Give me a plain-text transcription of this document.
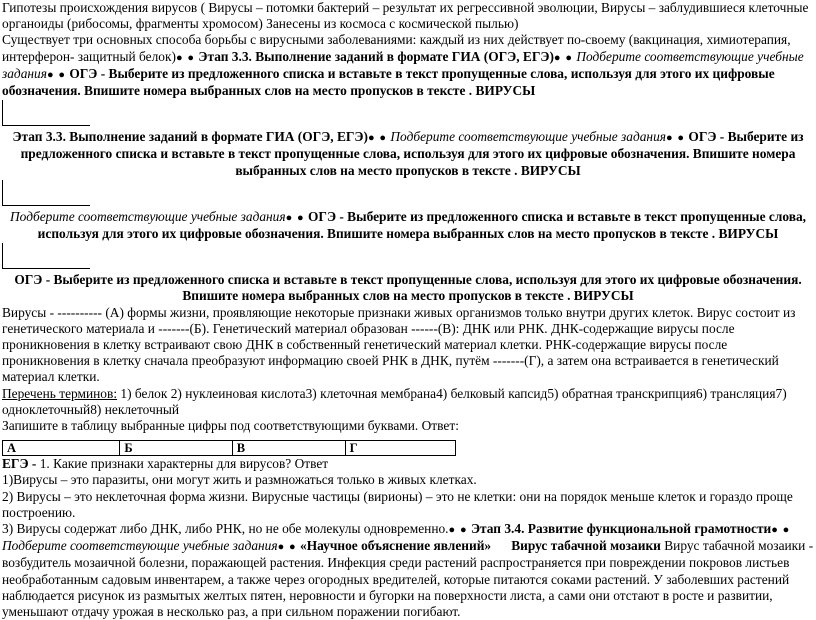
Гипотезы происхождения вирусов ( Вирусы – потомки бактерий – результат их регрессивной эволюции, Вирусы – заблудившиеся клеточные органоиды (рибосомы, фрагменты хромосом) Занесены из космоса с космической пылью)

Существует три основных способа борьбы с вирусными заболеваниями: каждый из них действует по-своему (вакцинация, химиотерапия, интерферон- защитный белок)● ● Этап 3.3. Выполнение заданий в формате ГИА (ОГЭ, ЕГЭ)● ● Подберите соответствующие учебные задания● ● ОГЭ - Выберите из предложенного списка и вставьте в текст пропущенные слова, используя для этого их цифровые обозначения. Впишите номера выбранных слов на место пропусков в тексте . ВИРУСЫ

Этап 3.3. Выполнение заданий в формате ГИА (ОГЭ, ЕГЭ)● ● Подберите соответствующие учебные задания● ● ОГЭ - Выберите из предложенного списка и вставьте в текст пропущенные слова, используя для этого их цифровые обозначения. Впишите номера выбранных слов на место пропусков в тексте . ВИРУСЫ

Подберите соответствующие учебные задания● ● ОГЭ - Выберите из предложенного списка и вставьте в текст пропущенные слова, используя для этого их цифровые обозначения. Впишите номера выбранных слов на место пропусков в тексте . ВИРУСЫ

ОГЭ - Выберите из предложенного списка и вставьте в текст пропущенные слова, используя для этого их цифровые обозначения. Впишите номера выбранных слов на место пропусков в тексте . ВИРУСЫ

Вирусы - ---------- (А) формы жизни, проявляющие некоторые признаки живых организмов только внутри других клеток. Вирус состоит из генетического материала и -------(Б). Генетический материал образован ------(В): ДНК или РНК. ДНК-содержащие вирусы после проникновения в клетку встраивают свою ДНК в собственный генетический материал клетки. РНК-содержащие вирусы после проникновения в клетку сначала преобразуют информацию своей РНК в ДНК, путём -------(Г), а затем она встраивается в генетический материал клетки.

Перечень терминов: 1) белок 2) нуклеиновая кислота3) клеточная мембрана4) белковый капсид5) обратная транскрипция6) трансляция7) одноклеточный8) неклеточный

Запишите в таблицу выбранные цифры под соответствующими буквами. Ответ:

А	Б	В	Г

ЕГЭ - 1. Какие признаки характерны для вирусов? Ответ

1)Вирусы – это паразиты, они могут жить и размножаться только в живых клетках.

2) Вирусы – это неклеточная форма жизни. Вирусные частицы (вирионы) – это не клетки: они на порядок меньше клеток и гораздо проще построению.

3) Вирусы содержат либо ДНК, либо РНК, но не обе молекулы одновременно.● ● Этап 3.4. Развитие функциональной грамотности● ● Подберите соответствующие учебные задания● ● «Научное объяснение явлений» Вирус табачной мозаики Вирус табачной мозаики - возбудитель мозаичной болезни, поражающей растения. Инфекция среди растений распространяется при повреждении покровов листьев необработанным садовым инвентарем, а также через огородных вредителей, которые питаются соками растений. У заболевших растений наблюдается рисунок из размытых желтых пятен, неровности и бугорки на поверхности листа, а сами они отстают в росте и развитии, уменьшают отдачу урожая в несколько раз, а при сильном поражении погибают.
